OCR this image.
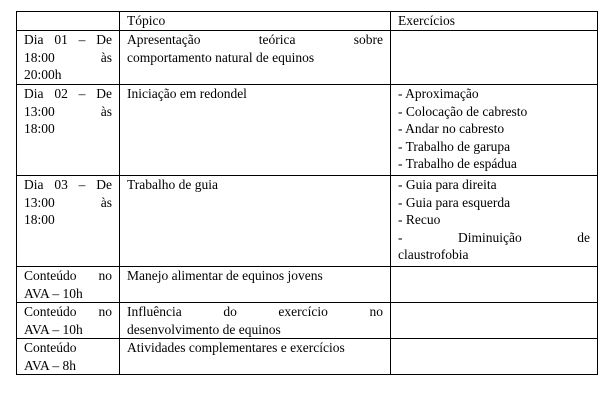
	Tópico	Exercícios

Dia 01 – De
18:00 às
20:00h	Apresentação teórica sobre
comportamento natural de equinos	

Dia 02 – De
13:00 às
18:00	Iniciação em redondel	- Aproximação
- Colocação de cabresto
- Andar no cabresto
- Trabalho de garupa
- Trabalho de espádua

Dia 03 – De
13:00 às
18:00	Trabalho de guia	- Guia para direita
- Guia para esquerda
- Recuo
- Diminuição de
claustrofobia

Conteúdo no
AVA – 10h	Manejo alimentar de equinos jovens	

Conteúdo no
AVA – 10h	Influência do exercício no
desenvolvimento de equinos	

Conteúdo
AVA – 8h	Atividades complementares e exercícios	
